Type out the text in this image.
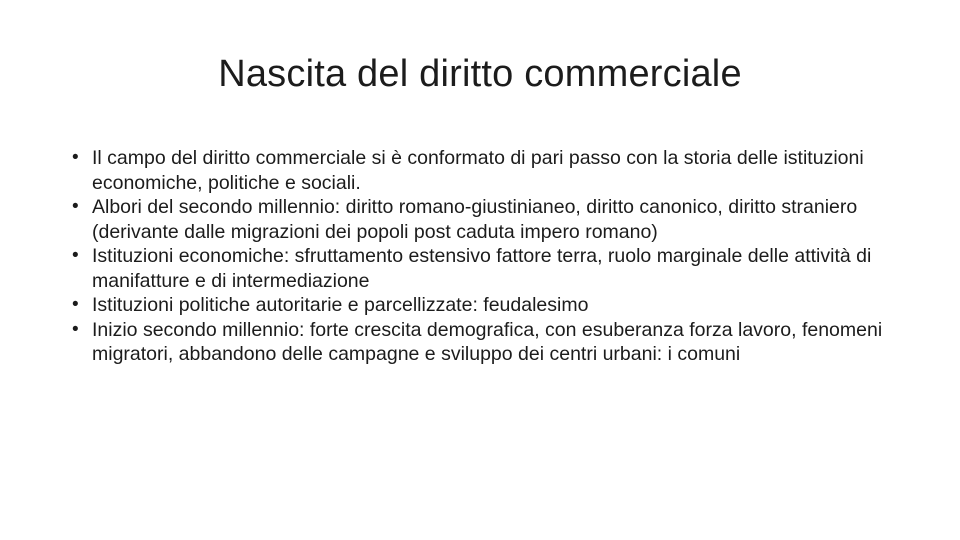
Nascita del diritto commerciale
• Il campo del diritto commerciale si è conformato di pari passo con la storia delle istituzioni economiche, politiche e sociali.
• Albori del secondo millennio: diritto romano-giustinianeo, diritto canonico, diritto straniero (derivante dalle migrazioni dei popoli post caduta impero romano)
• Istituzioni economiche: sfruttamento estensivo fattore terra, ruolo marginale delle attività di manifatture e di intermediazione
• Istituzioni politiche autoritarie e parcellizzate: feudalesimo
• Inizio secondo millennio: forte crescita demografica, con esuberanza forza lavoro, fenomeni migratori, abbandono delle campagne e sviluppo dei centri urbani: i comuni
